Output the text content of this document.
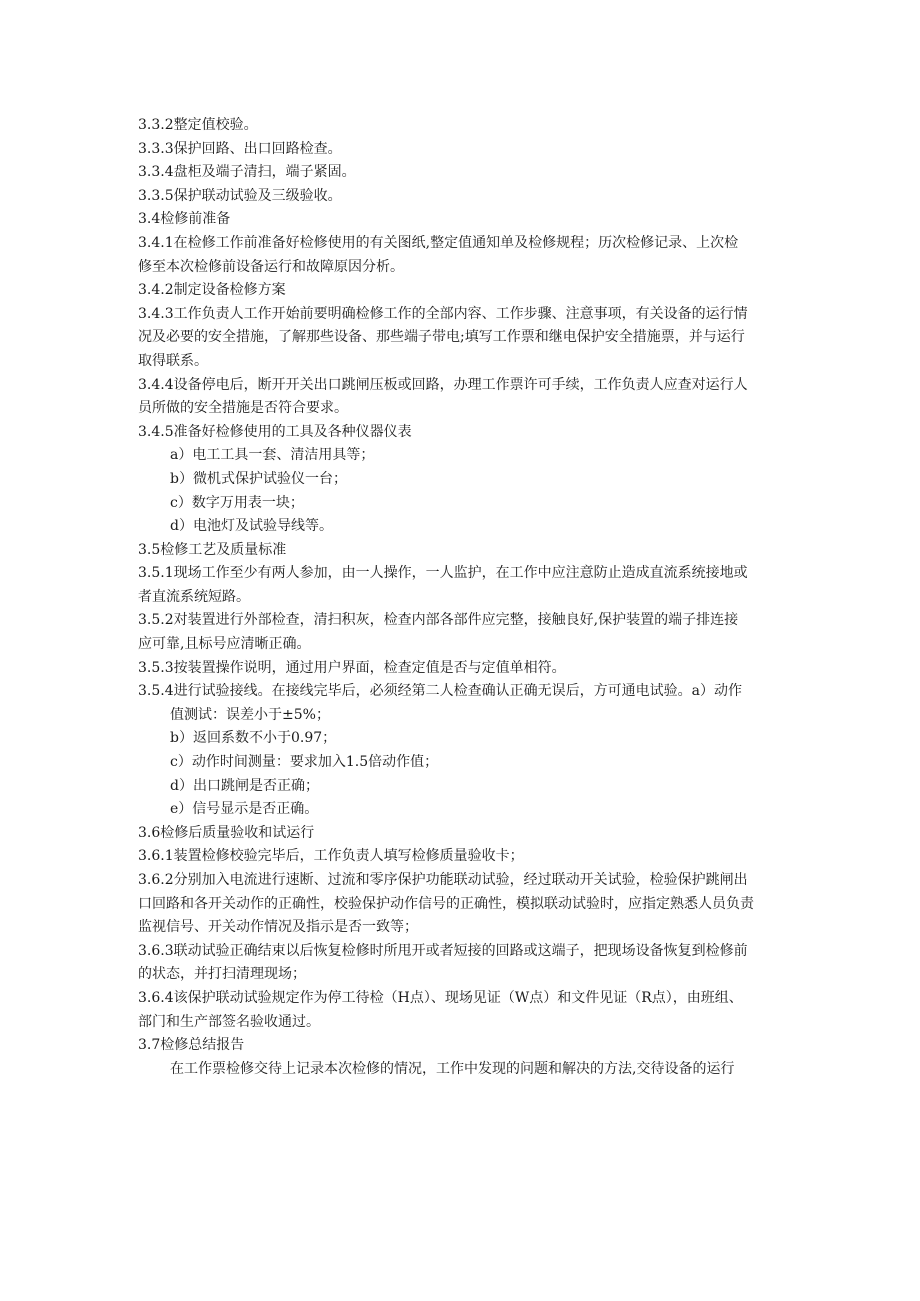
3.3.2整定值校验。

3.3.3保护回路、出口回路检查。

3.3.4盘柜及端子清扫，端子紧固。

3.3.5保护联动试验及三级验收。

3.4检修前准备

3.4.1在检修工作前准备好检修使用的有关图纸,整定值通知单及检修规程；历次检修记录、上次检
修至本次检修前设备运行和故障原因分析。

3.4.2制定设备检修方案

3.4.3工作负责人工作开始前要明确检修工作的全部内容、工作步骤、注意事项，有关设备的运行情
况及必要的安全措施，了解那些设备、那些端子带电;填写工作票和继电保护安全措施票，并与运行
取得联系。

3.4.4设备停电后，断开开关出口跳闸压板或回路，办理工作票许可手续，工作负责人应查对运行人
员所做的安全措施是否符合要求。

3.4.5准备好检修使用的工具及各种仪器仪表

a）电工工具一套、清洁用具等；

b）微机式保护试验仪一台；

c）数字万用表一块；

d）电池灯及试验导线等。

3.5检修工艺及质量标准

3.5.1现场工作至少有两人参加，由一人操作，一人监护，在工作中应注意防止造成直流系统接地或
者直流系统短路。

3.5.2对装置进行外部检查，清扫积灰，检查内部各部件应完整，接触良好,保护装置的端子排连接
应可靠,且标号应清晰正确。

3.5.3按装置操作说明，通过用户界面，检查定值是否与定值单相符。

3.5.4进行试验接线。在接线完毕后，必须经第二人检查确认正确无误后，方可通电试验。a）动作
值测试：误差小于±5%；

b）返回系数不小于0.97；

c）动作时间测量：要求加入1.5倍动作值；

d）出口跳闸是否正确；

e）信号显示是否正确。

3.6检修后质量验收和试运行

3.6.1装置检修校验完毕后，工作负责人填写检修质量验收卡；

3.6.2分别加入电流进行速断、过流和零序保护功能联动试验，经过联动开关试验，检验保护跳闸出
口回路和各开关动作的正确性，校验保护动作信号的正确性，模拟联动试验时，应指定熟悉人员负责
监视信号、开关动作情况及指示是否一致等；

3.6.3联动试验正确结束以后恢复检修时所甩开或者短接的回路或这端子，把现场设备恢复到检修前
的状态，并打扫清理现场；

3.6.4该保护联动试验规定作为停工待检（H点）、现场见证（W点）和文件见证（R点），由班组、
部门和生产部签名验收通过。

3.7检修总结报告

在工作票检修交待上记录本次检修的情况，工作中发现的问题和解决的方法,交待设备的运行
